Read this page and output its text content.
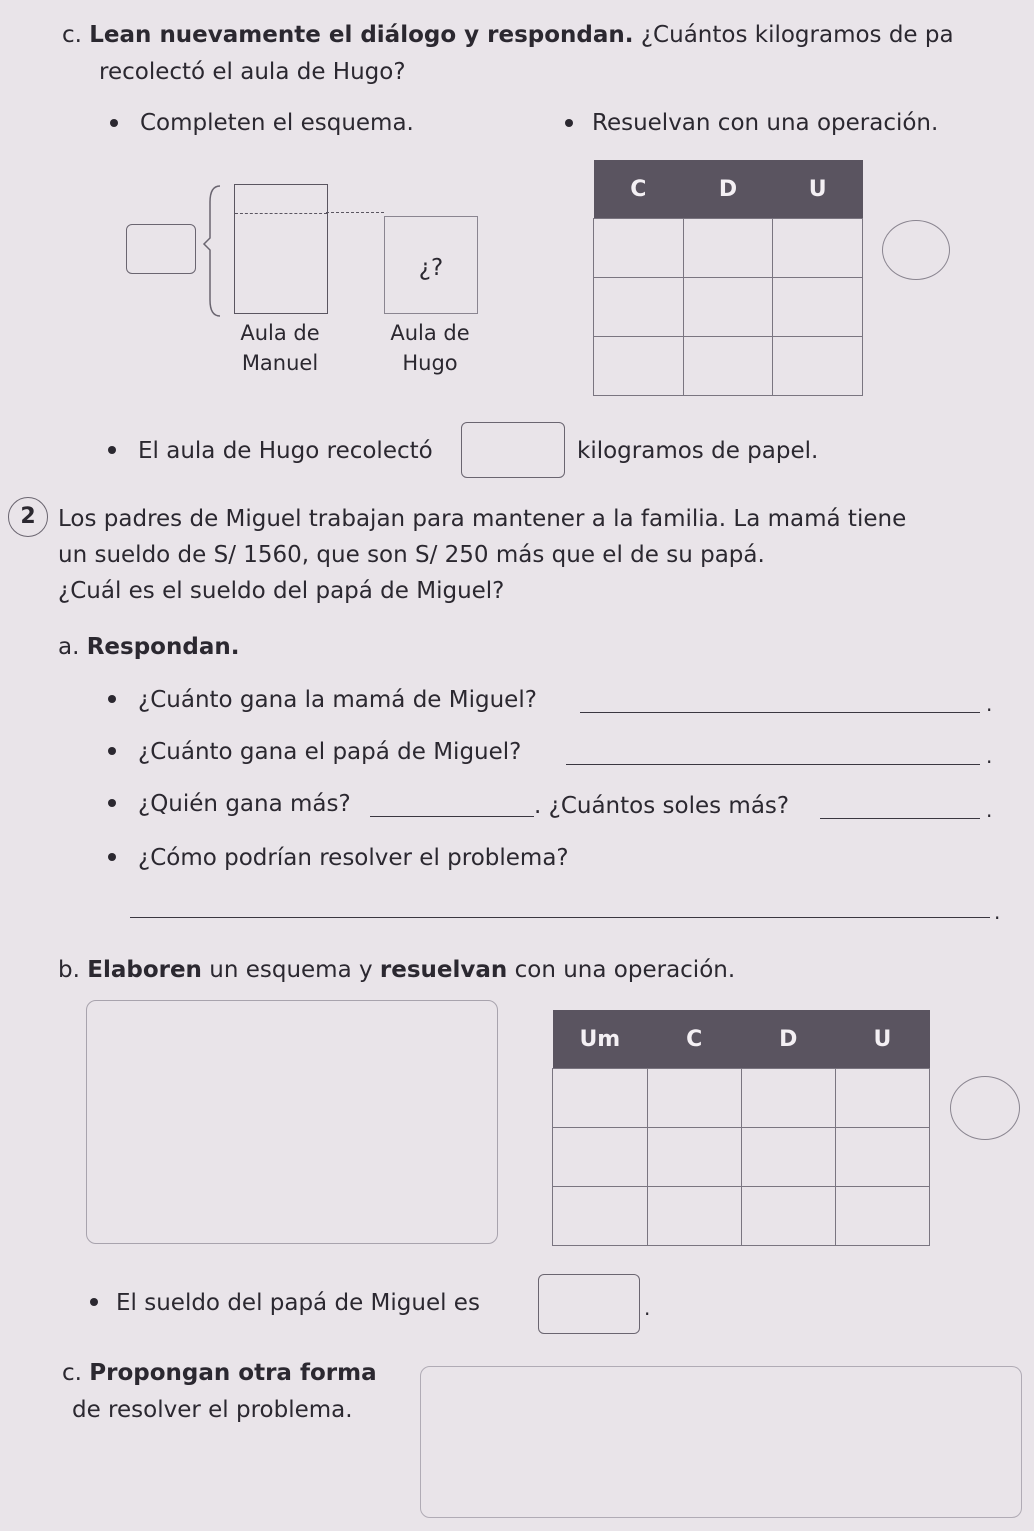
c. Lean nuevamente el diálogo y respondan. ¿Cuántos kilogramos de pa
recolectó el aula de Hugo?
Completen el esquema.	Resuelvan con una operación.
¿?
Aula de
Manuel
Aula de
Hugo
C	D	U

El aula de Hugo recolectó	kilogramos de papel.
2 Los padres de Miguel trabajan para mantener a la familia. La mamá tiene
un sueldo de S/ 1560, que son S/ 250 más que el de su papá.
¿Cuál es el sueldo del papá de Miguel?
a. Respondan.
¿Cuánto gana la mamá de Miguel?	.
¿Cuánto gana el papá de Miguel?	.
¿Quién gana más?	. ¿Cuántos soles más?	.
¿Cómo podrían resolver el problema?
.
b. Elaboren un esquema y resuelvan con una operación.
Um	C	D	U

El sueldo del papá de Miguel es	.
c. Propongan otra forma
de resolver el problema.
